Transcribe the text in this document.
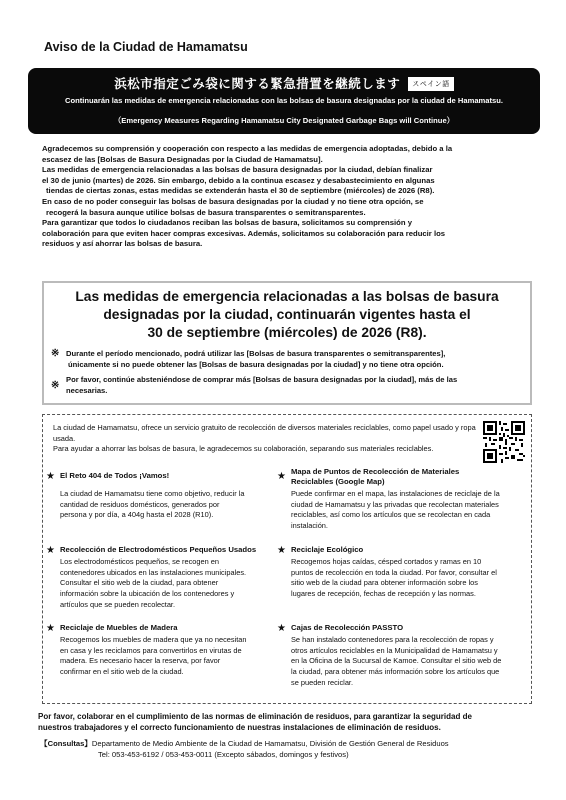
Aviso de la Ciudad de Hamamatsu
浜松市指定ごみ袋に関する緊急措置を継続します スペイン語
Continuarán las medidas de emergencia relacionadas con las bolsas de basura designadas por la ciudad de Hamamatsu.
（Emergency Measures Regarding Hamamatsu City Designated Garbage Bags will Continue）

Agradecemos su comprensión y cooperación con respecto a las medidas de emergencia adoptadas, debido a la

escasez de las [Bolsas de Basura Designadas por la Ciudad de Hamamatsu].

Las medidas de emergencia relacionadas a las bolsas de basura designadas por la ciudad, debían finalizar

el 30 de junio (martes) de 2026. Sin embargo, debido a la continua escasez y desabastecimiento en algunas

tiendas de ciertas zonas, estas medidas se extenderán hasta el 30 de septiembre (miércoles) de 2026 (R8).

En caso de no poder conseguir las bolsas de basura designadas por la ciudad y no tiene otra opción, se

recogerá la basura aunque utilice bolsas de basura transparentes o semitransparentes.

Para garantizar que todos lo ciudadanos reciban las bolsas de basura, solicitamos su comprensión y

colaboración para que eviten hacer compras excesivas. Además, solicitamos su colaboración para reducir los

residuos y así ahorrar las bolsas de basura.

Las medidas de emergencia relacionadas a las bolsas de basura
designadas por la ciudad, continuarán vigentes hasta el
30 de septiembre (miércoles) de 2026 (R8).
※ Durante el período mencionado, podrá utilizar las [Bolsas de basura transparentes o semitransparentes],
únicamente si no puede obtener las [Bolsas de basura designadas por la ciudad] y no tiene otra opción.
※
Por favor, continúe absteniéndose de comprar más [Bolsas de basura designadas por la ciudad], más de las
necesarias.
La ciudad de Hamamatsu, ofrece un servicio gratuito de recolección de diversos materiales reciclables, como papel usado y ropa
usada.
Para ayudar a ahorrar las bolsas de basura, le agradecemos su colaboración, separando sus materiales reciclables.
★ El Reto 404 de Todos ¡Vamos!
La ciudad de Hamamatsu tiene como objetivo, reducir la
cantidad de residuos domésticos, generados por
persona y por día, a 404g hasta el 2028 (R10).
★ Mapa de Puntos de Recolección de Materiales
Reciclables (Google Map)
Puede confirmar en el mapa, las instalaciones de reciclaje de la
ciudad de Hamamatsu y las privadas que recolectan materiales
reciclables, así como los artículos que se recolectan en cada
instalación.
★ Recolección de Electrodomésticos Pequeños Usados
Los electrodomésticos pequeños, se recogen en
contenedores ubicados en las instalaciones municipales.
Consultar el sitio web de la ciudad, para obtener
información sobre la ubicación de los contenedores y
artículos que se pueden recolectar.
★ Reciclaje Ecológico
Recogemos hojas caídas, césped cortados y ramas en 10
puntos de recolección en toda la ciudad. Por favor, consultar el
sitio web de la ciudad para obtener información sobre los
lugares de recepción, fechas de recepción y las normas.
★ Reciclaje de Muebles de Madera
Recogemos los muebles de madera que ya no necesitan
en casa y les reciclamos para convertirlos en virutas de
madera. Es necesario hacer la reserva, por favor
confirmar en el sitio web de la ciudad.
★ Cajas de Recolección PASSTO
Se han instalado contenedores para la recolección de ropas y
otros artículos reciclables en la Municipalidad de Hamamatsu y
en la Oficina de la Sucursal de Kamoe. Consultar el sitio web de
la ciudad, para obtener más información sobre los artículos que
se pueden reciclar.
Por favor, colaborar en el cumplimiento de las normas de eliminación de residuos, para garantizar la seguridad de
nuestros trabajadores y el correcto funcionamiento de nuestras instalaciones de eliminación de residuos.
【Consultas】Departamento de Medio Ambiente de la Ciudad de Hamamatsu, División de Gestión General de Residuos
Tel: 053-453-6192 / 053-453-0011 (Excepto sábados, domingos y festivos)
